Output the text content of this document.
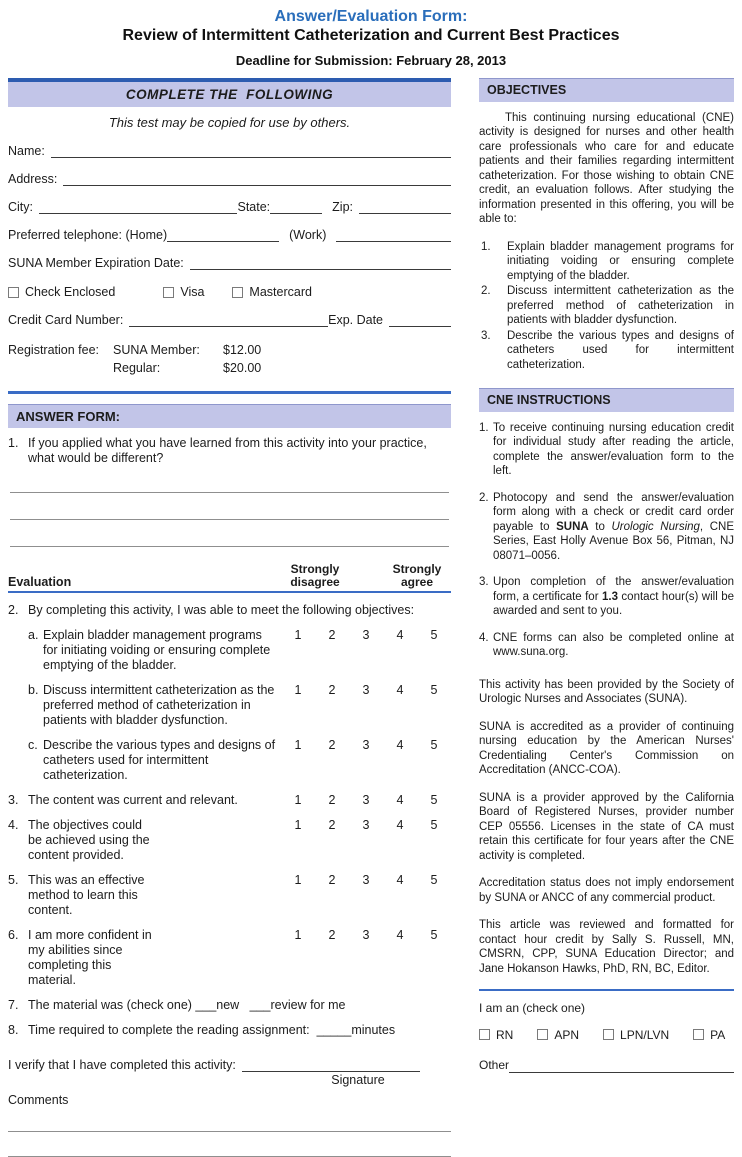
Answer/Evaluation Form:
Review of Intermittent Catheterization and Current Best Practices
Deadline for Submission: February 28, 2013
COMPLETE THE  FOLLOWING
This test may be copied for use by others.
Name:
Address:
City:	State:	Zip:
Preferred telephone: (Home)	(Work)
SUNA Member Expiration Date:
Check Enclosed	Visa	Mastercard
Credit Card Number:	Exp. Date
Registration fee:	SUNA Member:	$12.00
Regular:	$20.00
ANSWER FORM:
1. If you applied what you have learned from this activity into your practice, what would be different?
Evaluation
Strongly disagree
Strongly agree
2. By completing this activity, I was able to meet the following objectives:
a. Explain bladder management programs for initiating voiding or ensuring complete emptying of the bladder.
1	2	3	4	5
b. Discuss intermittent catheterization as the preferred method of catheterization in patients with bladder dysfunction.
1	2	3	4	5
c. Describe the various types and designs of catheters used for intermittent catheterization.
1	2	3	4	5
3. The content was current and relevant.	1	2	3	4	5
4. The objectives could be achieved using the content provided.
1	2	3	4	5
5. This was an effective method to learn this content.
1	2	3	4	5
6. I am more confident in my abilities since completing this material.
1	2	3	4	5
7. The material was (check one) ___new   ___review for me
8. Time required to complete the reading assignment:  _____minutes
I verify that I have completed this activity:
Signature
Comments
OBJECTIVES

This continuing nursing educational (CNE) activity is designed for nurses and other health care professionals who care for and educate patients and their families regarding intermittent catheterization. For those wishing to obtain CNE credit, an evaluation follows. After studying the information presented in this offering, you will be able to:

1.	Explain bladder management programs for initiating voiding or ensuring complete emptying of the bladder.
2.	Discuss intermittent catheterization as the preferred method of catheterization in patients with bladder dysfunction.
3.	Describe the various types and designs of catheters used for intermittent catheterization.
CNE INSTRUCTIONS
1. To receive continuing nursing education credit for individual study after reading the article, complete the answer/evaluation form to the left.
2. Photocopy and send the answer/evaluation form along with a check or credit card order payable to SUNA to Urologic Nursing, CNE Series, East Holly Avenue Box 56, Pitman, NJ 08071–0056.
3. Upon completion of the answer/evaluation form, a certificate for 1.3 contact hour(s) will be awarded and sent to you.
4. CNE forms can also be completed online at www.suna.org.

This activity has been provided by the Society of Urologic Nurses and Associates (SUNA).

SUNA is accredited as a provider of continuing nursing education by the American Nurses' Credentialing Center's Commission on Accreditation (ANCC-COA).

SUNA is a provider approved by the California Board of Registered Nurses, provider number CEP 05556. Licenses in the state of CA must retain this certificate for four years after the CNE activity is completed.

Accreditation status does not imply endorsement by SUNA or ANCC of any commercial product.

This article was reviewed and formatted for contact hour credit by Sally S. Russell, MN, CMSRN, CPP, SUNA Education Director; and Jane Hokanson Hawks, PhD, RN, BC, Editor.

I am an (check one)
RN	APN	LPN/LVN	PA
Other
